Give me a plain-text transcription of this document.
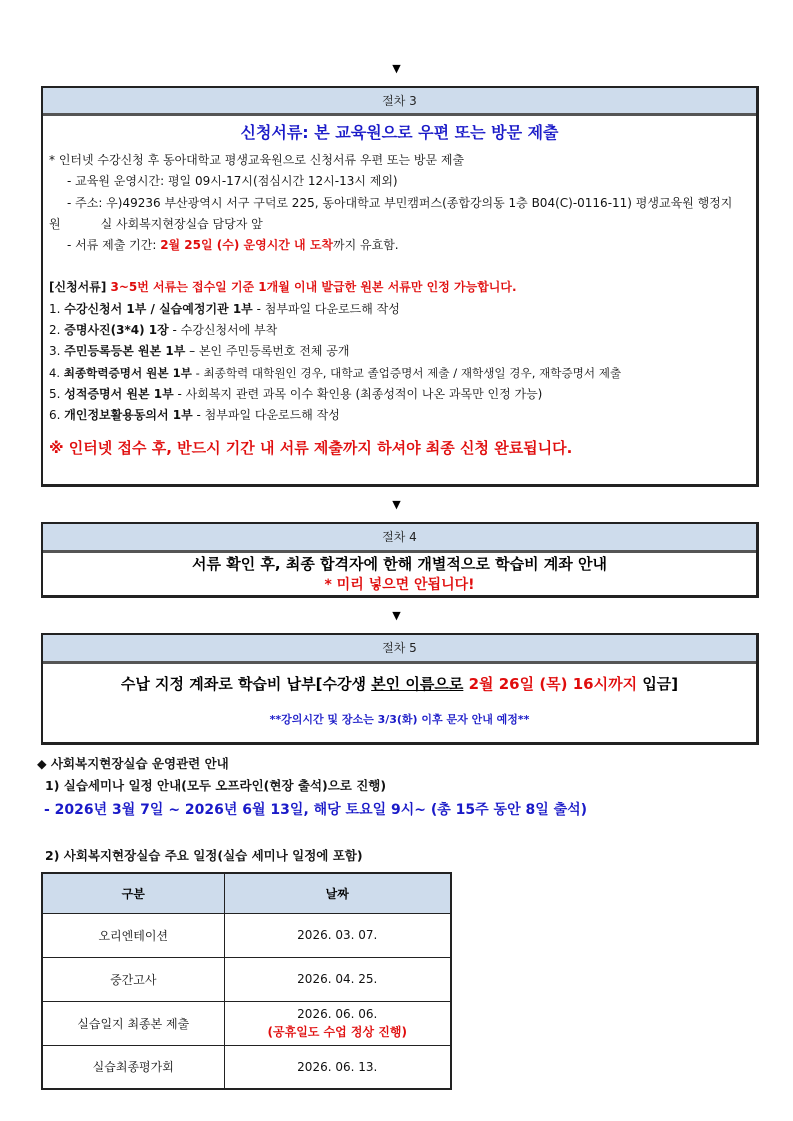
▼
▼
▼
절차 3
신청서류: 본 교육원으로 우편 또는 방문 제출
* 인터넷 수강신청 후 동아대학교 평생교육원으로 신청서류 우편 또는 방문 제출
- 교육원 운영시간: 평일 09시-17시(점심시간 12시-13시 제외)
- 주소: 우)49236 부산광역시 서구 구덕로 225, 동아대학교 부민캠퍼스(종합강의동 1층 B04(C)-0116-11) 평생교육원 행정지
원	실 사회복지현장실습 담당자 앞
- 서류 제출 기간: 2월 25일 (수) 운영시간 내 도착까지 유효함.
[신청서류] 3~5번 서류는 접수일 기준 1개월 이내 발급한 원본 서류만 인정 가능합니다.
1. 수강신청서 1부 / 실습예정기관 1부 - 첨부파일 다운로드해 작성
2. 증명사진(3*4) 1장 - 수강신청서에 부착
3. 주민등록등본 원본 1부 – 본인 주민등록번호 전체 공개
4. 최종학력증명서 원본 1부 - 최종학력 대학원인 경우, 대학교 졸업증명서 제출 / 재학생일 경우, 재학증명서 제출
5. 성적증명서 원본 1부 - 사회복지 관련 과목 이수 확인용 (최종성적이 나온 과목만 인정 가능)
6. 개인정보활용동의서 1부 - 첨부파일 다운로드해 작성
※ 인터넷 접수 후, 반드시 기간 내 서류 제출까지 하셔야 최종 신청 완료됩니다.
절차 4
서류 확인 후, 최종 합격자에 한해 개별적으로 학습비 계좌 안내
* 미리 넣으면 안됩니다!
절차 5
수납 지정 계좌로 학습비 납부[수강생 본인 이름으로 2월 26일 (목) 16시까지 입금]
**강의시간 및 장소는 3/3(화) 이후 문자 안내 예정**
◆ 사회복지현장실습 운영관련 안내
1) 실습세미나 일정 안내(모두 오프라인(현장 출석)으로 진행)
- 2026년 3월 7일 ~ 2026년 6월 13일, 해당 토요일 9시~ (총 15주 동안 8일 출석)
2) 사회복지현장실습 주요 일정(실습 세미나 일정에 포함)
구분	날짜
오리엔테이션	2026. 03. 07.
중간고사	2026. 04. 25.
실습일지 최종본 제출	2026. 06. 06.
(공휴일도 수업 정상 진행)

실습최종평가회	2026. 06. 13.
